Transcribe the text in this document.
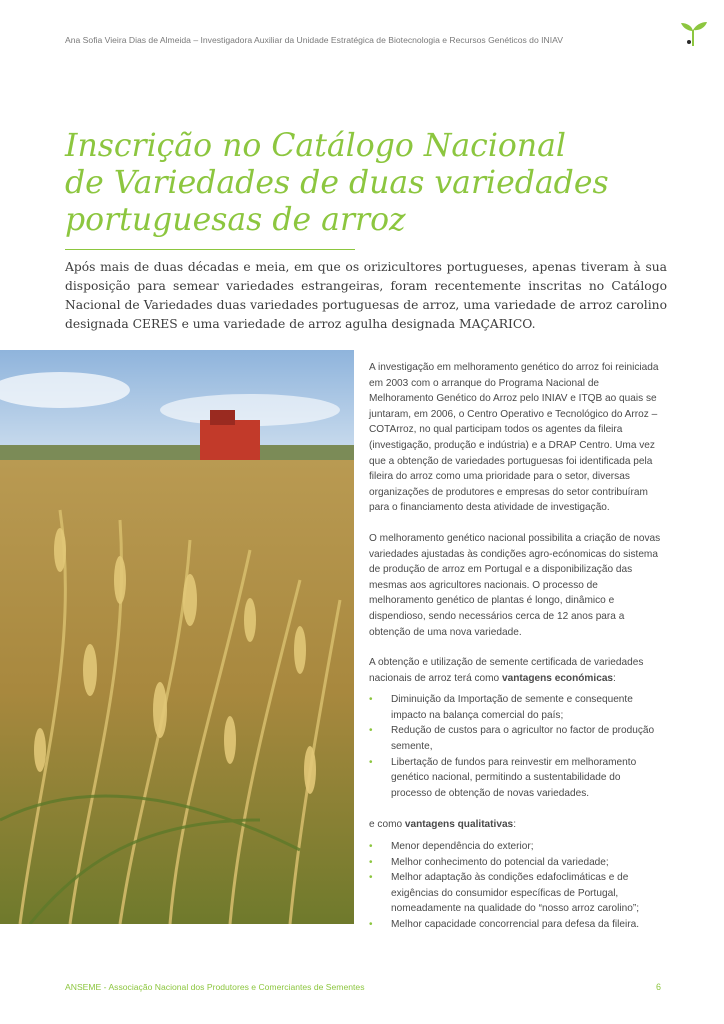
Ana Sofia Vieira Dias de Almeida – Investigadora Auxiliar da Unidade Estratégica de Biotecnologia e Recursos Genéticos do INIAV
Inscrição no Catálogo Nacional
de Variedades de duas variedades
portuguesas de arroz

Após mais de duas décadas e meia, em que os orizicultores portugueses, apenas tiveram à sua disposição para semear variedades estrangeiras, foram recentemente inscritas no Catálogo Nacional de Variedades duas variedades portuguesas de arroz, uma variedade de arroz carolino designada CERES e uma variedade de arroz agulha designada MAÇARICO.

A investigação em melhoramento genético do arroz foi reiniciada em 2003 com o arranque do Programa Nacional de Melhoramento Genético do Arroz pelo INIAV e ITQB ao quais se juntaram, em 2006, o Centro Operativo e Tecnológico do Arroz – COTArroz, no qual participam todos os agentes da fileira (investigação, produção e indústria) e a DRAP Centro. Uma vez que a obtenção de variedades portuguesas foi identificada pela fileira do arroz como uma prioridade para o setor, diversas organizações de produtores e empresas do setor contribuíram para o financiamento desta atividade de investigação.

O melhoramento genético nacional possibilita a criação de novas variedades ajustadas às condições agro-ecónomicas do sistema de produção de arroz em Portugal e a disponibilização das mesmas aos agricultores nacionais. O processo de melhoramento genético de plantas é longo, dinâmico e dispendioso, sendo necessários cerca de 12 anos para a obtenção de uma nova variedade.

A obtenção e utilização de semente certificada de variedades nacionais de arroz terá como vantagens económicas:

• Diminuição da Importação de semente e consequente impacto na balança comercial do país;
• Redução de custos para o agricultor no factor de produção semente,
• Libertação de fundos para reinvestir em melhoramento genético nacional, permitindo a sustentabilidade do processo de obtenção de novas variedades.

e como vantagens qualitativas:

• Menor dependência do exterior;
• Melhor conhecimento do potencial da variedade;
• Melhor adaptação às condições edafoclimáticas e de exigências do consumidor específicas de Portugal, nomeadamente na qualidade do “nosso arroz carolino”;
• Melhor capacidade concorrencial para defesa da fileira.
ANSEME - Associação Nacional dos Produtores e Comerciantes de Sementes	6
